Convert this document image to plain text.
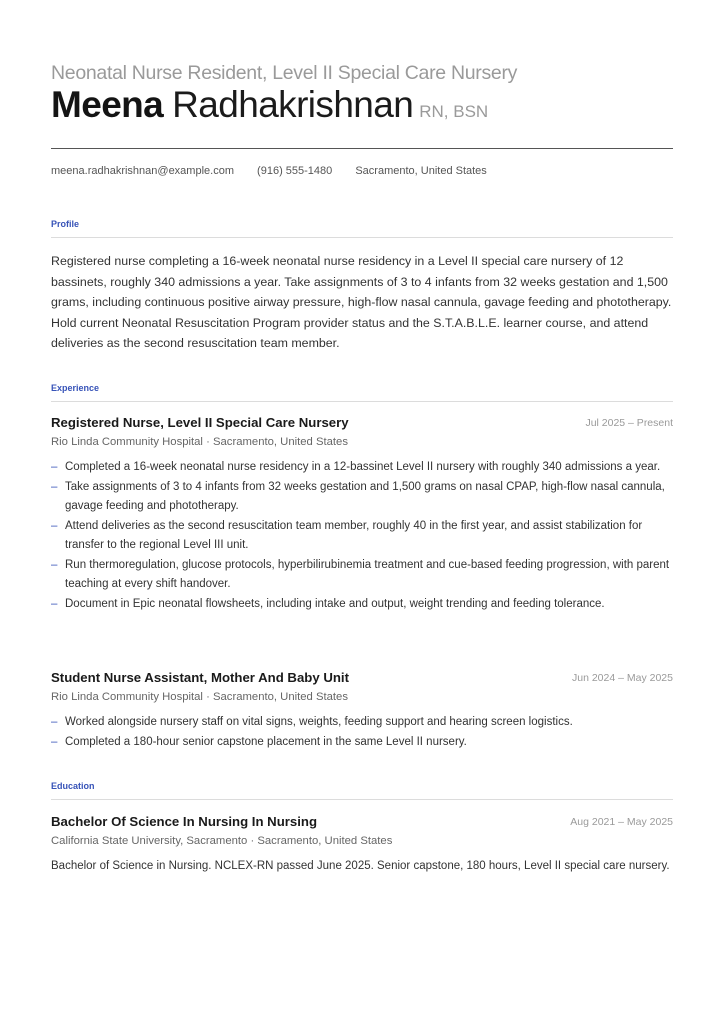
Neonatal Nurse Resident, Level II Special Care Nursery
Meena Radhakrishnan RN, BSN
meena.radhakrishnan@example.com (916) 555-1480 Sacramento, United States
Profile
Registered nurse completing a 16-week neonatal nurse residency in a Level II special care nursery of 12 bassinets, roughly 340 admissions a year. Take assignments of 3 to 4 infants from 32 weeks gestation and 1,500 grams, including continuous positive airway pressure, high-flow nasal cannula, gavage feeding and phototherapy. Hold current Neonatal Resuscitation Program provider status and the S.T.A.B.L.E. learner course, and attend deliveries as the second resuscitation team member.
Experience
Registered Nurse, Level II Special Care Nursery	Jul 2025 – Present
Rio Linda Community Hospital · Sacramento, United States
– Completed a 16-week neonatal nurse residency in a 12-bassinet Level II nursery with roughly 340 admissions a year.
– Take assignments of 3 to 4 infants from 32 weeks gestation and 1,500 grams on nasal CPAP, high-flow nasal cannula, gavage feeding and phototherapy.
– Attend deliveries as the second resuscitation team member, roughly 40 in the first year, and assist stabilization for transfer to the regional Level III unit.
– Run thermoregulation, glucose protocols, hyperbilirubinemia treatment and cue-based feeding progression, with parent teaching at every shift handover.
– Document in Epic neonatal flowsheets, including intake and output, weight trending and feeding tolerance.
Student Nurse Assistant, Mother And Baby Unit	Jun 2024 – May 2025
Rio Linda Community Hospital · Sacramento, United States
– Worked alongside nursery staff on vital signs, weights, feeding support and hearing screen logistics.
– Completed a 180-hour senior capstone placement in the same Level II nursery.
Education
Bachelor Of Science In Nursing In Nursing	Aug 2021 – May 2025
California State University, Sacramento · Sacramento, United States
Bachelor of Science in Nursing. NCLEX-RN passed June 2025. Senior capstone, 180 hours, Level II special care nursery.
